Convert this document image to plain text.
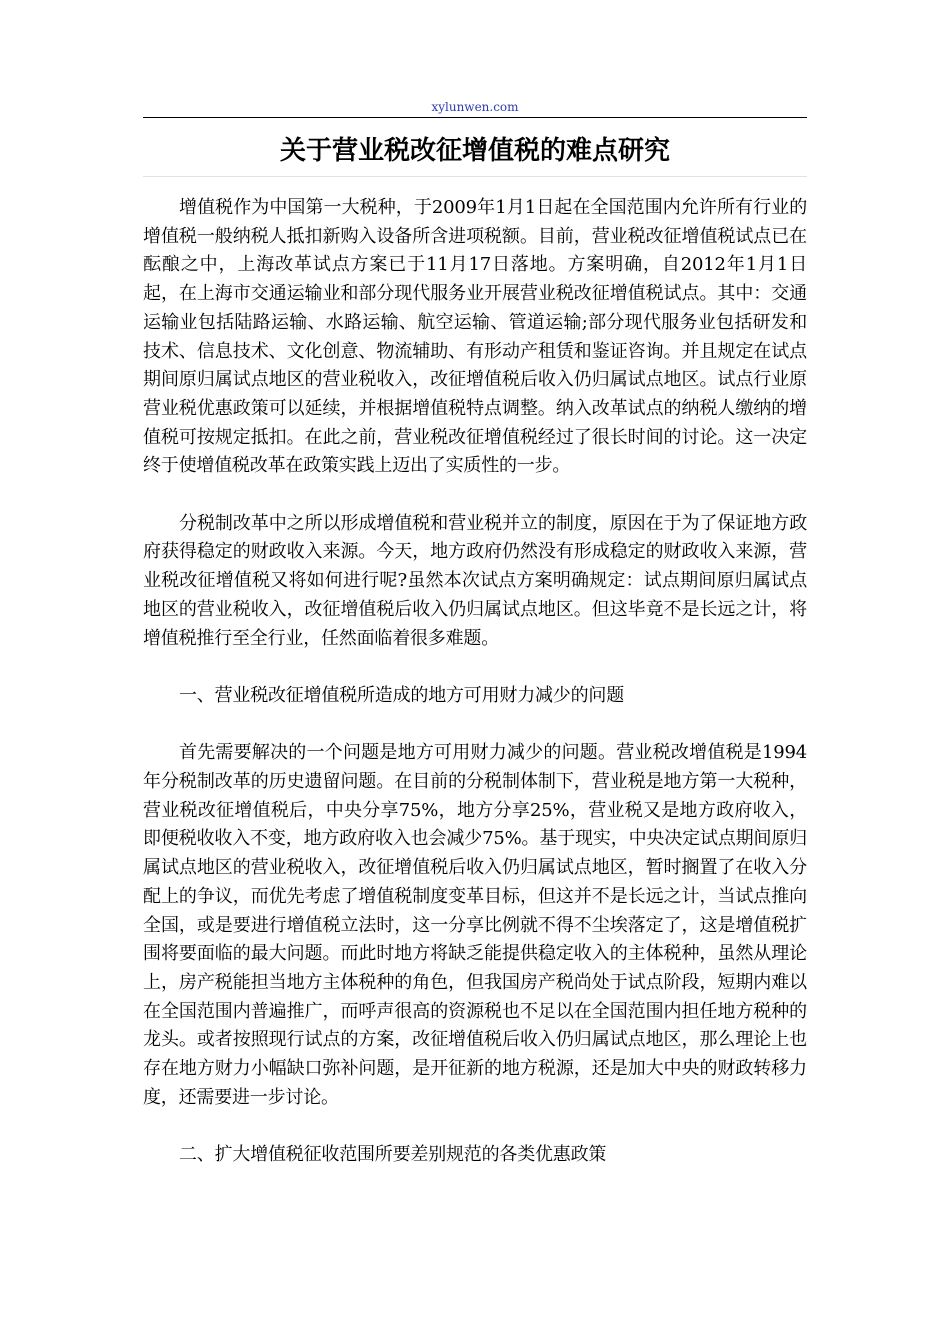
xylunwen.com
关于营业税改征增值税的难点研究

增值税作为中国第一大税种，于2009年1月1日起在全国范围内允许所有行业的增值税一般纳税人抵扣新购入设备所含进项税额。目前，营业税改征增值税试点已在酝酿之中，上海改革试点方案已于11月17日落地。方案明确，自2012年1月1日起，在上海市交通运输业和部分现代服务业开展营业税改征增值税试点。其中：交通运输业包括陆路运输、水路运输、航空运输、管道运输;部分现代服务业包括研发和技术、信息技术、文化创意、物流辅助、有形动产租赁和鉴证咨询。并且规定在试点期间原归属试点地区的营业税收入，改征增值税后收入仍归属试点地区。试点行业原营业税优惠政策可以延续，并根据增值税特点调整。纳入改革试点的纳税人缴纳的增值税可按规定抵扣。在此之前，营业税改征增值税经过了很长时间的讨论。这一决定终于使增值税改革在政策实践上迈出了实质性的一步。

分税制改革中之所以形成增值税和营业税并立的制度，原因在于为了保证地方政府获得稳定的财政收入来源。今天，地方政府仍然没有形成稳定的财政收入来源，营业税改征增值税又将如何进行呢?虽然本次试点方案明确规定：试点期间原归属试点地区的营业税收入，改征增值税后收入仍归属试点地区。但这毕竟不是长远之计，将增值税推行至全行业，任然面临着很多难题。

一、营业税改征增值税所造成的地方可用财力减少的问题

首先需要解决的一个问题是地方可用财力减少的问题。营业税改增值税是1994年分税制改革的历史遗留问题。在目前的分税制体制下，营业税是地方第一大税种，营业税改征增值税后，中央分享75%，地方分享25%，营业税又是地方政府收入，即便税收收入不变，地方政府收入也会减少75%。基于现实，中央决定试点期间原归属试点地区的营业税收入，改征增值税后收入仍归属试点地区，暂时搁置了在收入分配上的争议，而优先考虑了增值税制度变革目标，但这并不是长远之计，当试点推向全国，或是要进行增值税立法时，这一分享比例就不得不尘埃落定了，这是增值税扩围将要面临的最大问题。而此时地方将缺乏能提供稳定收入的主体税种，虽然从理论上，房产税能担当地方主体税种的角色，但我国房产税尚处于试点阶段，短期内难以在全国范围内普遍推广，而呼声很高的资源税也不足以在全国范围内担任地方税种的龙头。或者按照现行试点的方案，改征增值税后收入仍归属试点地区，那么理论上也存在地方财力小幅缺口弥补问题，是开征新的地方税源，还是加大中央的财政转移力度，还需要进一步讨论。

二、扩大增值税征收范围所要差别规范的各类优惠政策
